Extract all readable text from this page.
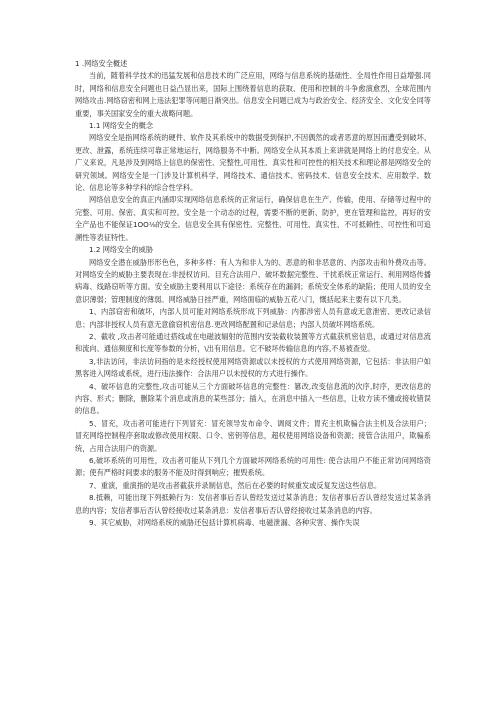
1 .网络安全概述

当前，随着科学技术的迅猛发展和信息技术的广泛应用，网络与信息系统的基础性、全局性作用日益增强.同时，网络和信息安全问题也日益凸显出来，国际上围绕着信息的获取、使用和控制的斗争愈演愈烈，全球范围内网络攻击.网络窃密和网上违法犯罪等问题日渐突出。信息安全问题已成为与政治安全、经济安全、文化安全同等重要，事关国家安全的重大战略问题。

1.1 网络安全的概念

网络安全是指网络系统的硬件、软件及其系统中的数据受到保护,不因偶然的或者恶意的原因而遭受到破坏、更改、泄露，系统连续可靠正常地运行，网络服务不中断。网络安全从其本质上来讲就是网络上的付息安全。从广义来说，凡是涉及到网络上信息的保密性、完整性,可用性、真实性和可控性的相关技术和理论都是网络安全的研究领域。网络安全是一门涉及计算机科学、网络技术、通信技术、密码技术、信息安全技术、应用数学、数论、信息论等多种学科的综合性学科。

网络信息安全的真正内涵即实现网络信息系统的正常运行，确保信息在生产、传输，使用、存储等过程中的完整、可用、保密、真实和可控。安全是一个动态的过程，需要不断的更新、防护，更在管理和监控，再好的安全产品也不能保证1OO⅛的安全。信息安全具有保密性、完整性、可用性、真实性、不可抵赖性、可控性和可追溯性等表征特性。

1.2 网络安全的威胁

网络安全潜在威胁形形色色，多种多样：有人为和非人为的、恶意的和非恶意的、内部攻击和外费攻击等。对网络安全的威胁主要表现在:非授权访问、目充合法用户、破坏数据完整性、干扰系统正常运行、利用网络传播病毒、线路窃听等方面。安全威胁主要利用以下途径：系统存在的漏洞；系统安全体系的缺陷；使用人员的安全意识薄弱；管理制度的薄弱。网络威胁日挂严重，网络面临的威胁五花八门，慨括起来主要有以下几类。

1、内部窃密和破坏，内部人员可能对网络系统形成下列威胁：内都涉密人员有意或无意泄密、更改记录信息；内部非授权人员有意无意偷窃机密信息.更改网络配置和记录信息；内部人员破坏网络系统。

2、截收 ,攻击者可能通过搭线或在电磁波辐射的范围内安装截收装置等方式截获机密信息，或通过对信息流和流向、通信频度和长度等参数的分析，\出有用信息。它不破坏传输信息的内容,不易被查觉。

3,非法访问，非法访问指的是未经授权使用网络资源或以未授权的方式使用网络资源，它包括：非法用户如黑客进入网络或系统，进行违法操作：合法用户以未授权的方式进行操作。

4、破坏信息的完整性,攻击可能从三个方面破坏信息的完整性：篡改,改变信息流的次序,时序，更改信息的内容、形式；删除，删除某个消息或消息的某些部分；插入，在消息中插入一些信息，让收方读不懂或接收错误的信息。

5、冒充，攻击者可能进行下列冒充：冒充领导发布命令、调阅文件；胃充主机欺骗合法主机及合法用户；冒充网络控制程序套取或修改使用权限、口令、密钥等信息，超权使用网络设备和资源；接管合法用户，欺骗系统，占用合法用户的资源。

6,破坏系统的可用性，攻击者可能从下列几个方面破坏网络系统的可用性: 使合法用户不能正常访问网络资源；使有严格时间要求的服务不能及时得到响应；摧毁系统。

7、重演，重演指的是攻击者截获并录制信息，然后在必要的时候重发或反复发送这些信息。

8.抵赖，可能出现下列抵赖行为：发信者事后否认曾经发送过某条消息；发信者事后否认曾经发送过某条消息的内容；发信者事后否认曾经接收过某条消息：发信者事后否认曾经接收过某条消息的内容。

9、其它威胁，对网络系统的威胁还包括计算机病毒、电磁泄漏、各种灾害、操作失误
